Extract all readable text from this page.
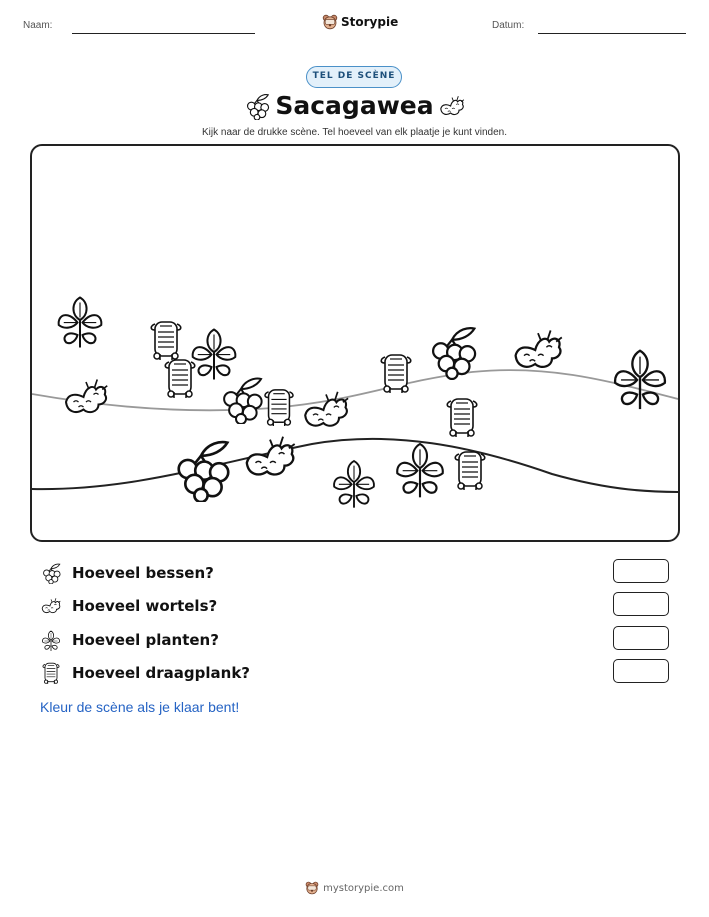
Naam:	Storypie	Datum:
TEL DE SCÈNE
Sacagawea
Kijk naar de drukke scène. Tel hoeveel van elk plaatje je kunt vinden.
Hoeveel bessen?
Hoeveel wortels?
Hoeveel planten?
Hoeveel draagplank?
Kleur de scène als je klaar bent!
mystorypie.com
